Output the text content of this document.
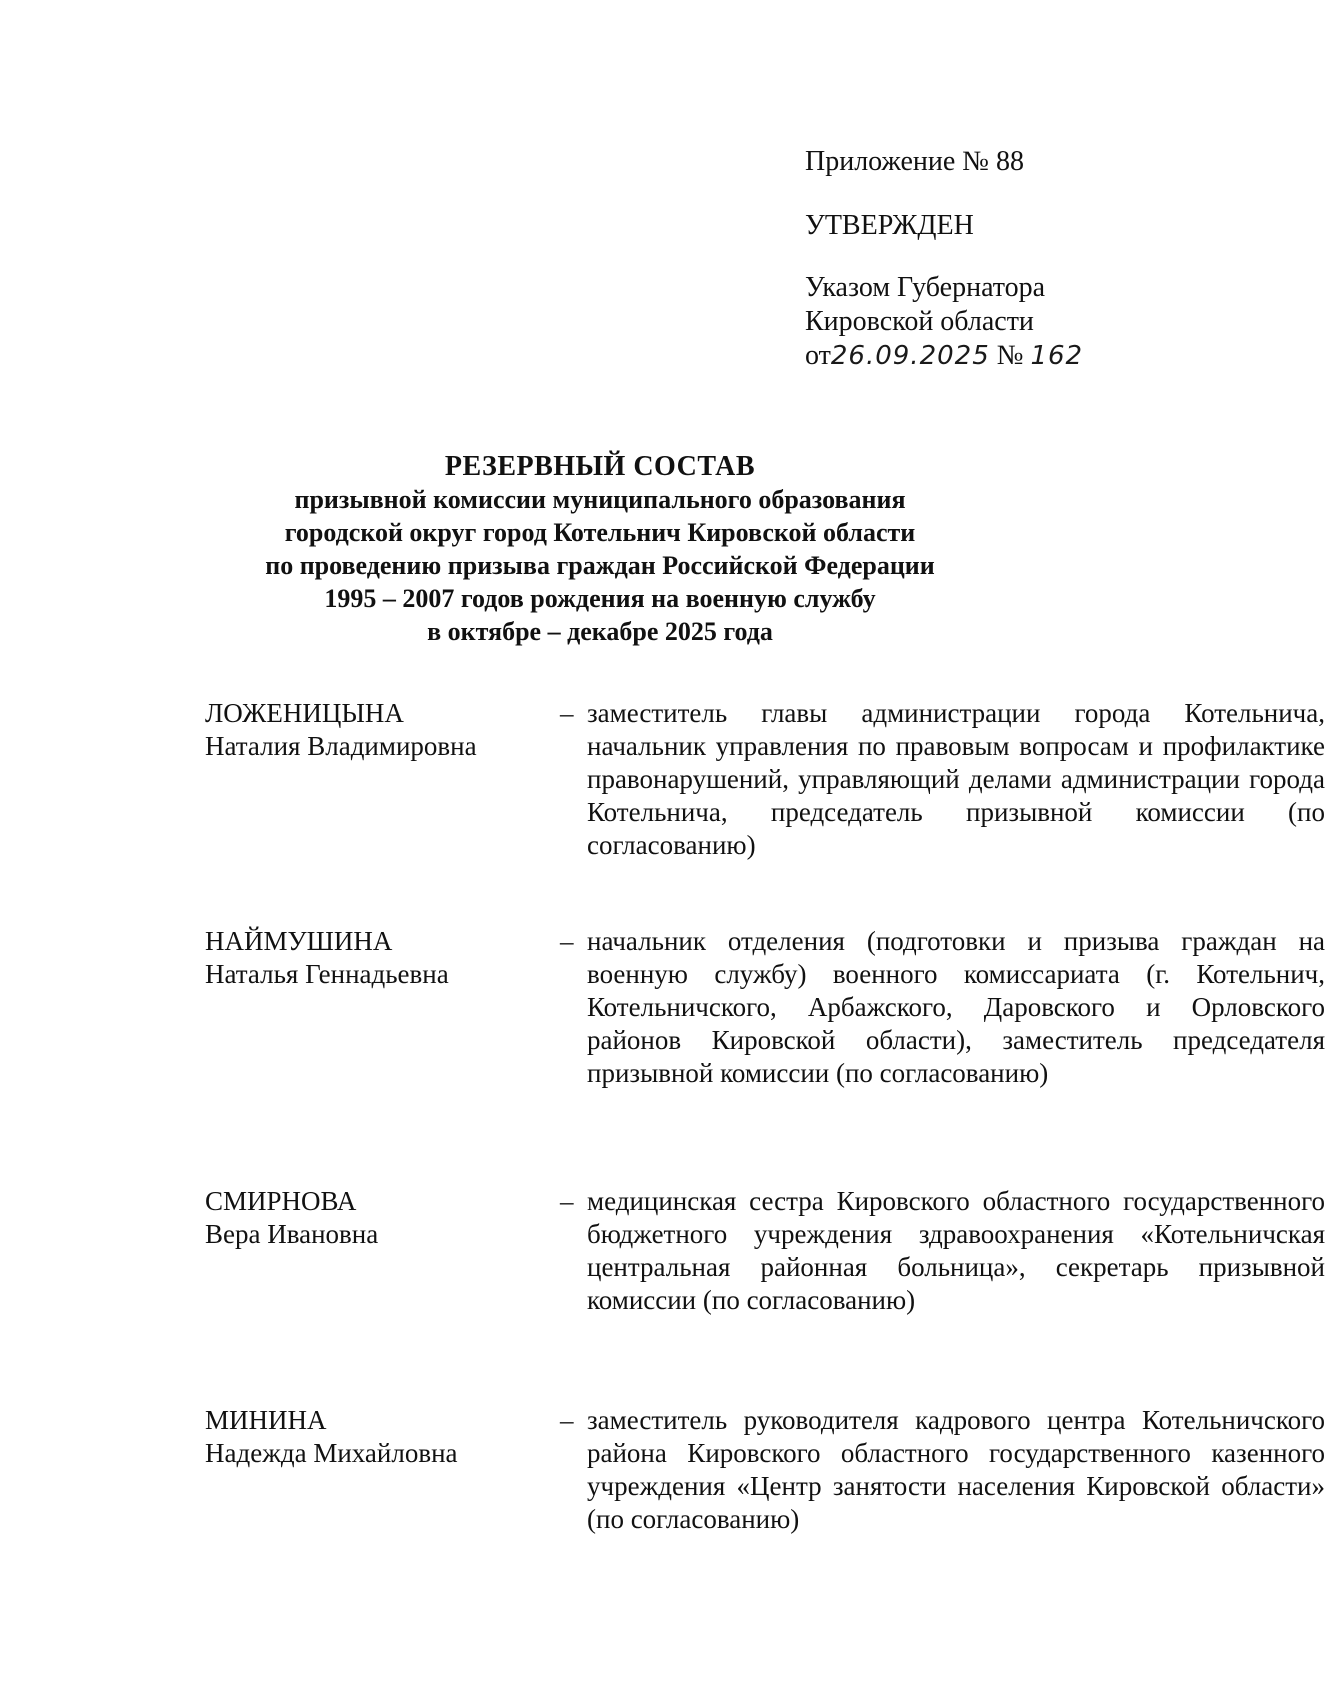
Приложение № 88
УТВЕРЖДЕН
Указом Губернатора
Кировской области
от26.09.2025 № 162
РЕЗЕРВНЫЙ СОСТАВ
призывной комиссии муниципального образования
городской округ город Котельнич Кировской области
по проведению призыва граждан Российской Федерации
1995 – 2007 годов рождения на военную службу
в октябре – декабре 2025 года
ЛОЖЕНИЦЫНА
Наталия Владимировна
– заместитель главы администрации города Котельнича, начальник управления по правовым вопросам и профилактике правонарушений, управляющий делами администрации города Котельнича, председатель призывной комиссии (по согласованию)
НАЙМУШИНА
Наталья Геннадьевна
– начальник отделения (подготовки и призыва граждан на военную службу) военного комиссариата (г. Котельнич, Котельничского, Арбажского, Даровского и Орловского районов Кировской области), заместитель председателя призывной комиссии (по согласованию)
СМИРНОВА
Вера Ивановна
– медицинская сестра Кировского областного государственного бюджетного учреждения здравоохранения «Котельничская центральная районная больница», секретарь призывной комиссии (по согласованию)
МИНИНА
Надежда Михайловна
– заместитель руководителя кадрового центра Котельничского района Кировского областного государственного казенного учреждения «Центр занятости населения Кировской области» (по согласованию)
